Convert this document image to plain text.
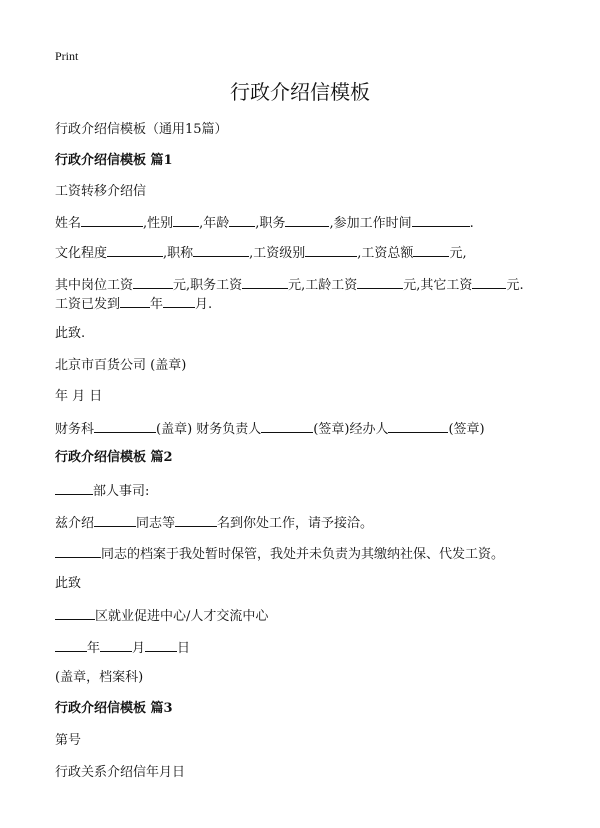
Print
行政介绍信模板
行政介绍信模板（通用15篇）
行政介绍信模板 篇1
工资转移介绍信
姓名	,性别 ,年龄 ,职务	,参加工作时间	.
文化程度	,职称	,工资级别	,工资总额	元,
其中岗位工资	元,职务工资	元,工龄工资	元,其它工资	元.
工资已发到 年 月.
此致.
北京市百货公司 (盖章)
年 月 日
财务科	(盖章) 财务负责人	(签章)经办人	(签章)
行政介绍信模板 篇2
部人事司:
兹介绍	同志等	名到你处工作，请予接洽。
同志的档案于我处暂时保管，我处并未负责为其缴纳社保、代发工资。
此致
区就业促进中心/人才交流中心
年 月 日
(盖章，档案科)
行政介绍信模板 篇3
第号
行政关系介绍信年月日
